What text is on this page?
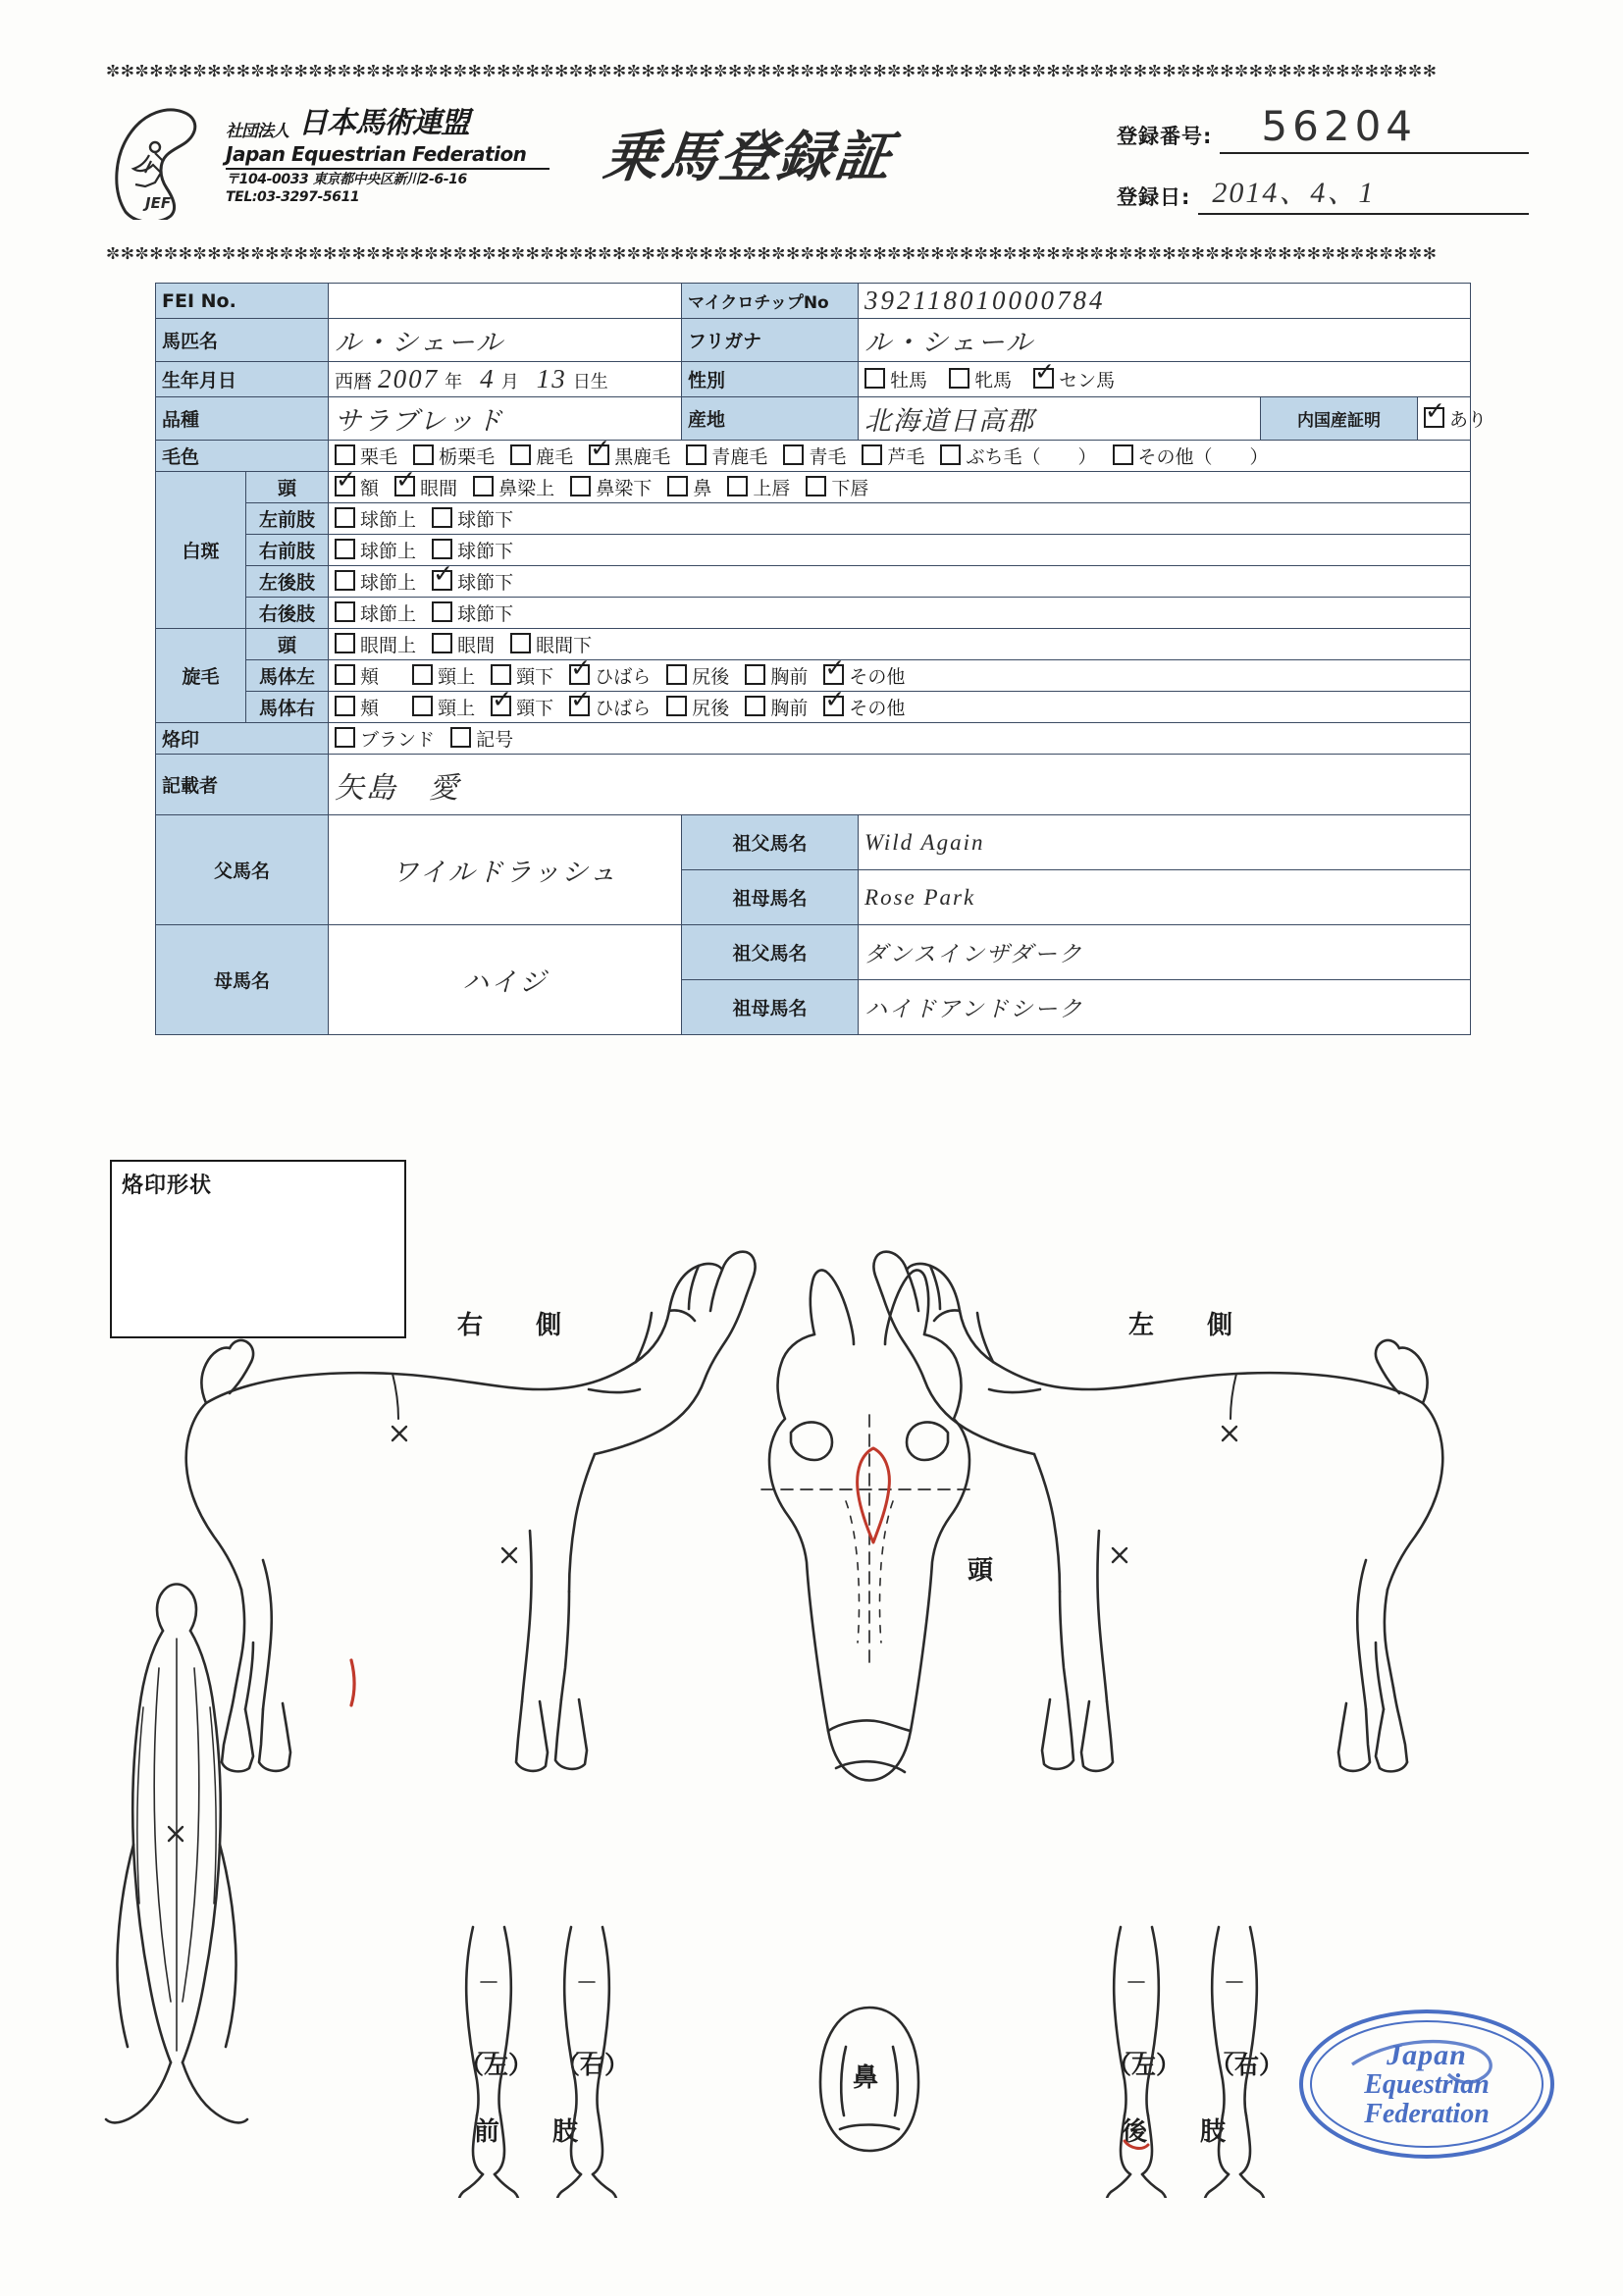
✼✻✼✻✼✻✼✻✼✻✼✻✼✻✼✻✼✻✼✻✼✻✼✻✼✻✼✻✼✻✼✻✼✻✼✻✼✻✼✻✼✻✼✻✼✻✼✻✼✻✼✻✼✻✼✻✼✻✼✻✼✻✼✻✼✻✼✻✼✻✼✻✼✻✼✻✼✻✼✻✼✻✼✻✼✻✼✻✼✻✼✻
✼✻✼✻✼✻✼✻✼✻✼✻✼✻✼✻✼✻✼✻✼✻✼✻✼✻✼✻✼✻✼✻✼✻✼✻✼✻✼✻✼✻✼✻✼✻✼✻✼✻✼✻✼✻✼✻✼✻✼✻✼✻✼✻✼✻✼✻✼✻✼✻✼✻✼✻✼✻✼✻✼✻✼✻✼✻✼✻✼✻✼✻
JEF
社団法人 日本馬術連盟
Japan Equestrian Federation
〒104-0033 東京都中央区新川2-6-16
TEL:03-3297-5611
乗馬登録証	登録番号:	56204
登録日: 2014、4、1
FEI No.			マイクロチップNo	392118010000784		
馬匹名		ル・シェール	フリガナ	ル・シェール		
生年月日		西暦 2007 年 4 月 13 日生	性別	牡馬 牝馬 ✓ セン馬
品種		サラブレッド	産地	北海道日高郡	内国産証明	✓あり
毛色		栗毛 栃栗毛 鹿毛 ✓ 黒鹿毛 青鹿毛 青毛 芦毛 ぶち毛（　　） その他（　　）
白斑	頭	✓額 ✓ 眼間 鼻梁上 鼻梁下 鼻 上唇 下唇
	左前肢	球節上 球節下				
	右前肢	球節上 球節下				
	左後肢	球節上 ✓ 球節下
	右後肢	球節上 球節下				
旋毛	頭	眼間上 眼間 眼間下				
	馬体左	頬 頸上 頸下 ✓ ひばら 尻後 胸前 ✓ その他
	馬体右	頬 頸上 ✓ 頸下 ✓ ひばら 尻後 胸前 ✓ その他
烙印		ブランド 記号				
記載者		矢島　愛				
父馬名		ワイルドラッシュ	祖父馬名	Wild Again		
			祖母馬名	Rose Park		
母馬名		ハイジ	祖父馬名	ダンスインザダーク		
			祖母馬名	ハイドアンドシーク		
烙印形状
右　側	左　側
頭
鼻
（左） （右）
前　肢
（左） （右）
後　肢
Japan
Equestrian
Federation
